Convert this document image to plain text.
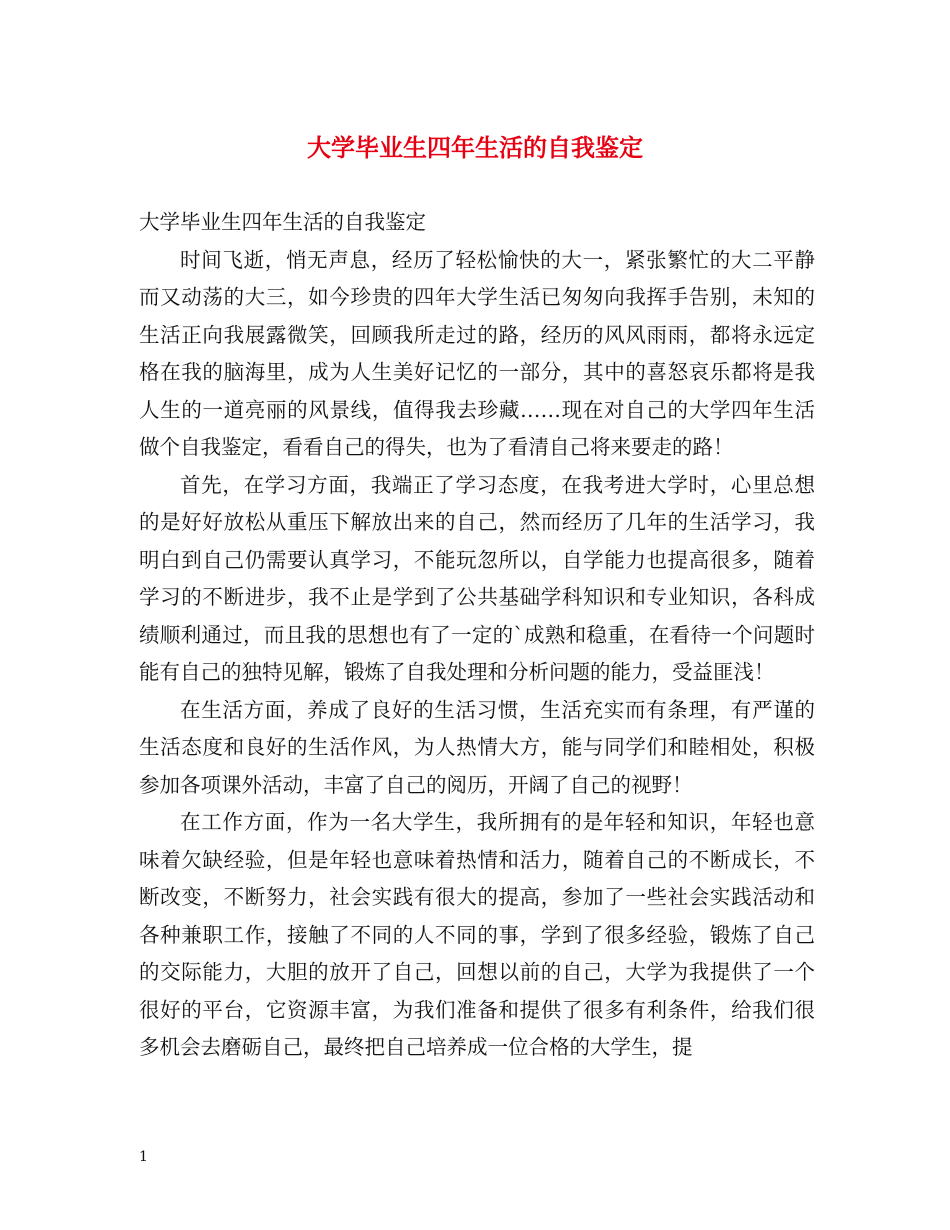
大学毕业生四年生活的自我鉴定

大学毕业生四年生活的自我鉴定

时间飞逝，悄无声息，经历了轻松愉快的大一，紧张繁忙的大二平静而又动荡的大三，如今珍贵的四年大学生活已匆匆向我挥手告别，未知的生活正向我展露微笑，回顾我所走过的路，经历的风风雨雨，都将永远定格在我的脑海里，成为人生美好记忆的一部分，其中的喜怒哀乐都将是我人生的一道亮丽的风景线，值得我去珍藏……现在对自己的大学四年生活做个自我鉴定，看看自己的得失，也为了看清自己将来要走的路！

首先，在学习方面，我端正了学习态度，在我考进大学时，心里总想的是好好放松从重压下解放出来的自己，然而经历了几年的生活学习，我明白到自己仍需要认真学习，不能玩忽所以，自学能力也提高很多，随着学习的不断进步，我不止是学到了公共基础学科知识和专业知识，各科成绩顺利通过，而且我的思想也有了一定的`成熟和稳重，在看待一个问题时能有自己的独特见解，锻炼了自我处理和分析问题的能力，受益匪浅！

在生活方面，养成了良好的生活习惯，生活充实而有条理，有严谨的生活态度和良好的生活作风，为人热情大方，能与同学们和睦相处，积极参加各项课外活动，丰富了自己的阅历，开阔了自己的视野！

在工作方面，作为一名大学生，我所拥有的是年轻和知识，年轻也意味着欠缺经验，但是年轻也意味着热情和活力，随着自己的不断成长，不断改变，不断努力，社会实践有很大的提高，参加了一些社会实践活动和各种兼职工作，接触了不同的人不同的事，学到了很多经验，锻炼了自己的交际能力，大胆的放开了自己，回想以前的自己，大学为我提供了一个很好的平台，它资源丰富，为我们准备和提供了很多有利条件，给我们很多机会去磨砺自己，最终把自己培养成一位合格的大学生，提

1
